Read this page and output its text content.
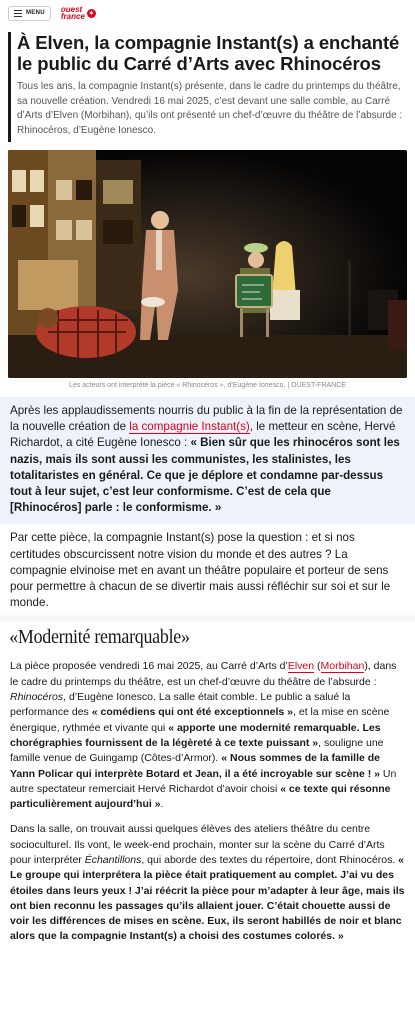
MENU ouest
france ✶
À Elven, la compagnie Instant(s) a enchanté le public du Carré d’Arts avec Rhinocéros

Tous les ans, la compagnie Instant(s) présente, dans le cadre du printemps du théâtre, sa nouvelle création. Vendredi 16 mai 2025, c’est devant une salle comble, au Carré d’Arts d’Elven (Morbihan), qu’ils ont présenté un chef-d’œuvre du théâtre de l’absurde : Rhinocéros, d’Eugène Ionesco.

Les acteurs ont interprété la pièce « Rhinocéros », d’Eugène Ionesco. | OUEST-FRANCE
Après les applaudissements nourris du public à la fin de la représentation de la nouvelle création de la compagnie Instant(s), le metteur en scène, Hervé Richardot, a cité Eugène Ionesco : « Bien sûr que les rhinocéros sont les nazis, mais ils sont aussi les communistes, les stalinistes, les totalitaristes en général. Ce que je déplore et condamne par-dessus tout à leur sujet, c’est leur conformisme. C’est de cela que [Rhinocéros] parle : le conformisme. »

Par cette pièce, la compagnie Instant(s) pose la question : et si nos certitudes obscurcissent notre vision du monde et des autres ? La compagnie elvinoise met en avant un théâtre populaire et porteur de sens pour permettre à chacun de se divertir mais aussi réfléchir sur soi et sur le monde.

«Modernité remarquable»

La pièce proposée vendredi 16 mai 2025, au Carré d’Arts d’Elven (Morbihan), dans le cadre du printemps du théâtre, est un chef-d’œuvre du théâtre de l’absurde : Rhinocéros, d’Eugène Ionesco. La salle était comble. Le public a salué la performance des « comédiens qui ont été exceptionnels », et la mise en scène énergique, rythmée et vivante qui « apporte une modernité remarquable. Les chorégraphies fournissent de la légèreté à ce texte puissant », souligne une famille venue de Guingamp (Côtes-d’Armor). « Nous sommes de la famille de Yann Policar qui interprète Botard et Jean, il a été incroyable sur scène ! » Un autre spectateur remerciait Hervé Richardot d’avoir choisi « ce texte qui résonne particulièrement aujourd’hui ».

Dans la salle, on trouvait aussi quelques élèves des ateliers théâtre du centre socioculturel. Ils vont, le week-end prochain, monter sur la scène du Carré d’Arts pour interpréter Échantillons, qui aborde des textes du répertoire, dont Rhinocéros. « Le groupe qui interprétera la pièce était pratiquement au complet. J’ai vu des étoiles dans leurs yeux ! J’ai réécrit la pièce pour m’adapter à leur âge, mais ils ont bien reconnu les passages qu’ils allaient jouer. C’était chouette aussi de voir les différences de mises en scène. Eux, ils seront habillés de noir et blanc alors que la compagnie Instant(s) a choisi des costumes colorés. »
